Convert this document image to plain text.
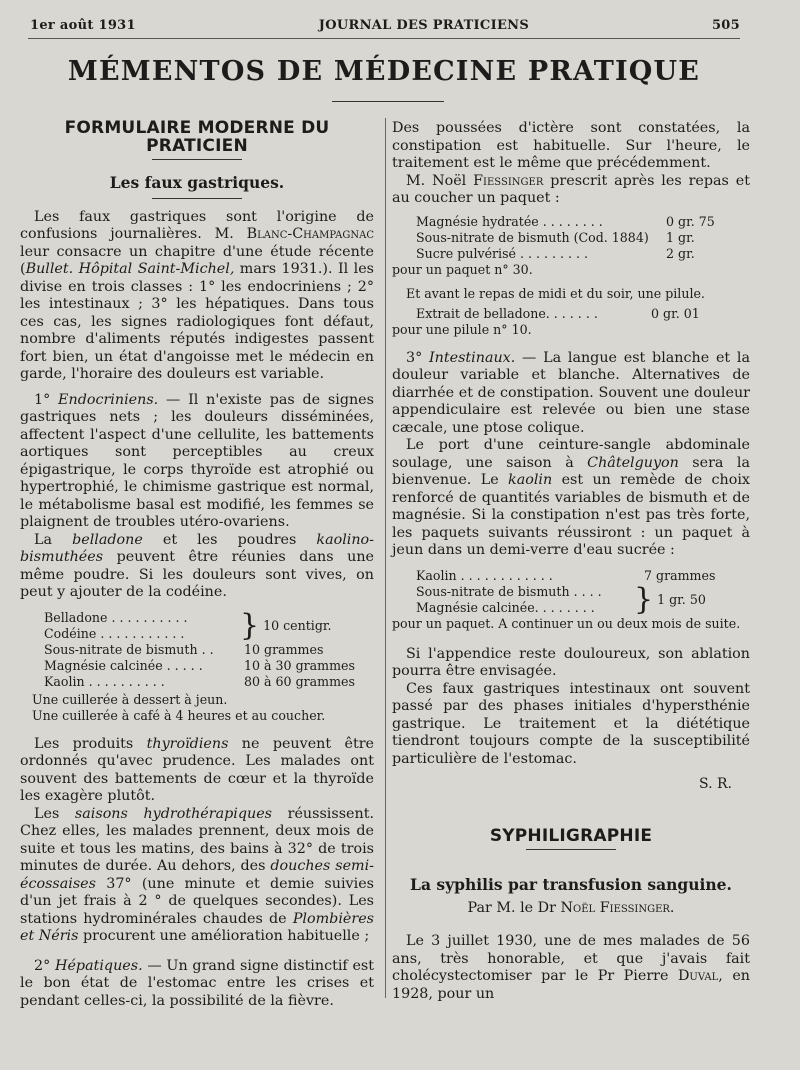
1er août 1931	JOURNAL DES PRATICIENS	505
MÉMENTOS DE MÉDECINE PRATIQUE
FORMULAIRE MODERNE DU PRATICIEN
Les faux gastriques.

Les faux gastriques sont l'origine de confusions journalières. M. Blanc-Champagnac leur consacre un chapitre d'une étude récente (Bullet. Hôpital Saint-Michel, mars 1931.). Il les divise en trois classes : 1° les endocriniens ; 2° les intestinaux ; 3° les hépatiques. Dans tous ces cas, les signes radiologiques font défaut, nombre d'aliments réputés indigestes passent fort bien, un état d'angoisse met le médecin en garde, l'horaire des douleurs est variable.

1° Endocriniens. — Il n'existe pas de signes gastriques nets ; les douleurs disséminées, affectent l'aspect d'une cellulite, les battements aortiques sont perceptibles au creux épigastrique, le corps thyroïde est atrophié ou hypertrophié, le chimisme gastrique est normal, le métabolisme basal est modifié, les femmes se plaignent de troubles utéro-ovariens.

La belladone et les poudres kaolino-bismuthées peuvent être réunies dans une même poudre. Si les douleurs sont vives, on peut y ajouter de la codéine.

Belladone . . . . . . . . . .
Codéine . . . . . . . . . . .	} 10 centigr.
Sous-nitrate de bismuth . .	10 grammes
Magnésie calcinée . . . . .	10 à 30 grammes
Kaolin . . . . . . . . . .	80 à 60 grammes
Une cuillerée à dessert à jeun.
Une cuillerée à café à 4 heures et au coucher.

Les produits thyroïdiens ne peuvent être ordonnés qu'avec prudence. Les malades ont souvent des battements de cœur et la thyroïde les exagère plutôt.

Les saisons hydrothérapiques réussissent. Chez elles, les malades prennent, deux mois de suite et tous les matins, des bains à 32° de trois minutes de durée. Au dehors, des douches semi-écossaises 37° (une minute et demie suivies d'un jet frais à 2 ° de quelques secondes). Les stations hydrominérales chaudes de Plombières et Néris procurent une amélioration habituelle ;

2° Hépatiques. — Un grand signe distinctif est le bon état de l'estomac entre les crises et pendant celles-ci, la possibilité de la fièvre.

Des poussées d'ictère sont constatées, la constipation est habituelle. Sur l'heure, le traitement est le même que précédemment.

M. Noël Fiessinger prescrit après les repas et au coucher un paquet :

Magnésie hydratée . . . . . . . .	0 gr. 75
Sous-nitrate de bismuth (Cod. 1884)	1 gr.
Sucre pulvérisé . . . . . . . . .	2 gr.
pour un paquet n° 30.
Et avant le repas de midi et du soir, une pilule.
Extrait de belladone. . . . . . .	0 gr. 01
pour une pilule n° 10.

3° Intestinaux. — La langue est blanche et la douleur variable et blanche. Alternatives de diarrhée et de constipation. Souvent une douleur appendiculaire est relevée ou bien une stase cæcale, une ptose colique.

Le port d'une ceinture-sangle abdominale soulage, une saison à Châtelguyon sera la bienvenue. Le kaolin est un remède de choix renforcé de quantités variables de bismuth et de magnésie. Si la constipation n'est pas très forte, les paquets suivants réussiront : un paquet à jeun dans un demi-verre d'eau sucrée :

Kaolin . . . . . . . . . . . .	7 grammes
Sous-nitrate de bismuth . . . .
Magnésie calcinée. . . . . . . .	} 1 gr. 50
pour un paquet. A continuer un ou deux mois de suite.

Si l'appendice reste douloureux, son ablation pourra être envisagée.

Ces faux gastriques intestinaux ont souvent passé par des phases initiales d'hypersthénie gastrique. Le traitement et la diététique tiendront toujours compte de la susceptibilité particulière de l'estomac.

S. R.
SYPHILIGRAPHIE
La syphilis par transfusion sanguine.
Par M. le Dr Noël Fiessinger.

Le 3 juillet 1930, une de mes malades de 56 ans, très honorable, et que j'avais fait cholécystectomiser par le Pr Pierre Duval, en 1928, pour un
